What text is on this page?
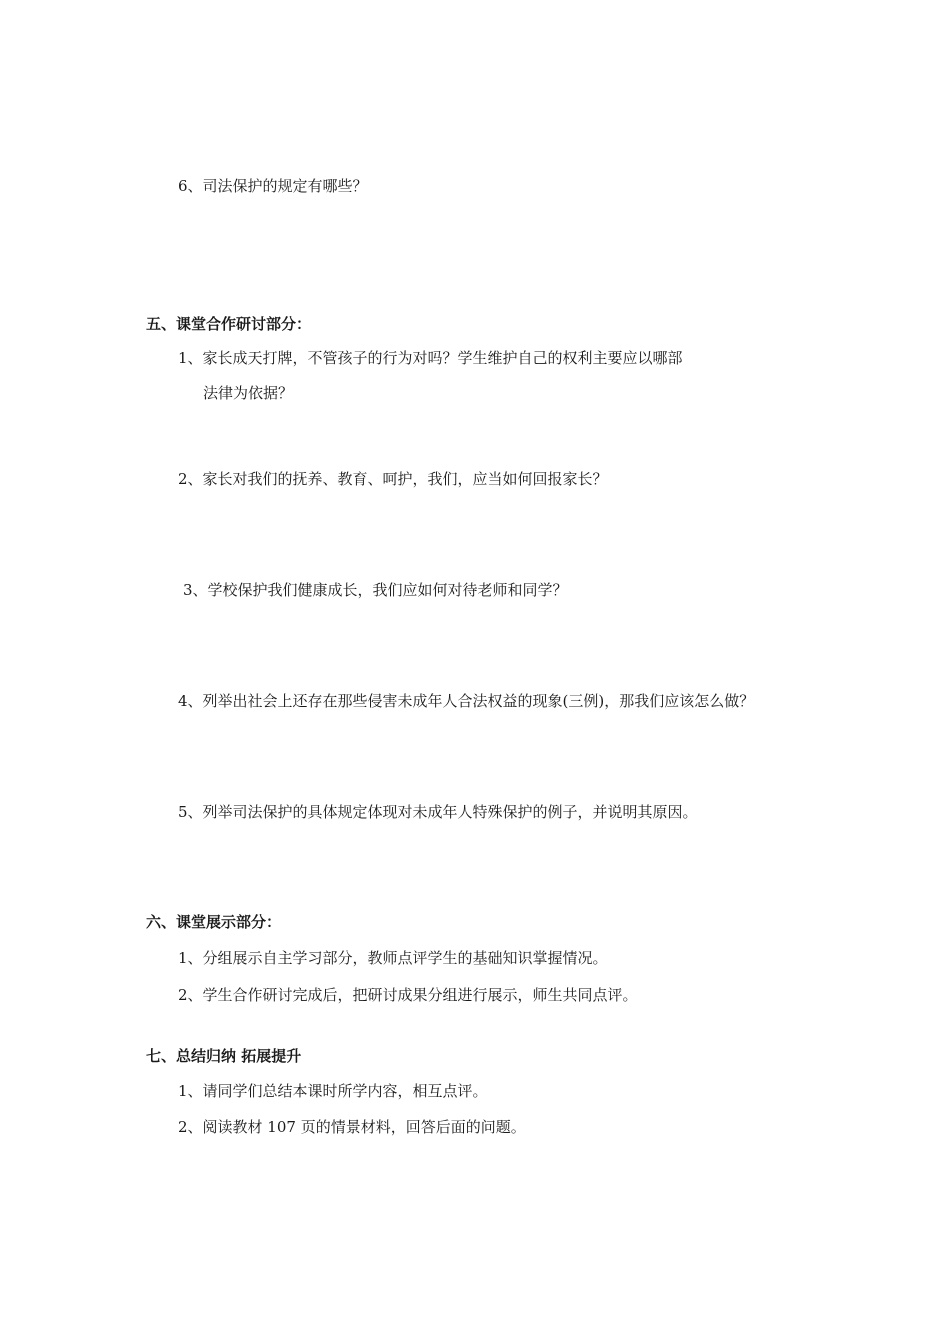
6、司法保护的规定有哪些？
五、课堂合作研讨部分：
1、家长成天打牌，不管孩子的行为对吗？学生维护自己的权利主要应以哪部
法律为依据？
2、家长对我们的抚养、教育、呵护，我们，应当如何回报家长？
3、学校保护我们健康成长，我们应如何对待老师和同学？
4、列举出社会上还存在那些侵害未成年人合法权益的现象(三例)，那我们应该怎么做？
5、列举司法保护的具体规定体现对未成年人特殊保护的例子，并说明其原因。
六、课堂展示部分：
1、分组展示自主学习部分，教师点评学生的基础知识掌握情况。
2、学生合作研讨完成后，把研讨成果分组进行展示，师生共同点评。
七、总结归纳 拓展提升
1、请同学们总结本课时所学内容，相互点评。
2、阅读教材 107 页的情景材料，回答后面的问题。
